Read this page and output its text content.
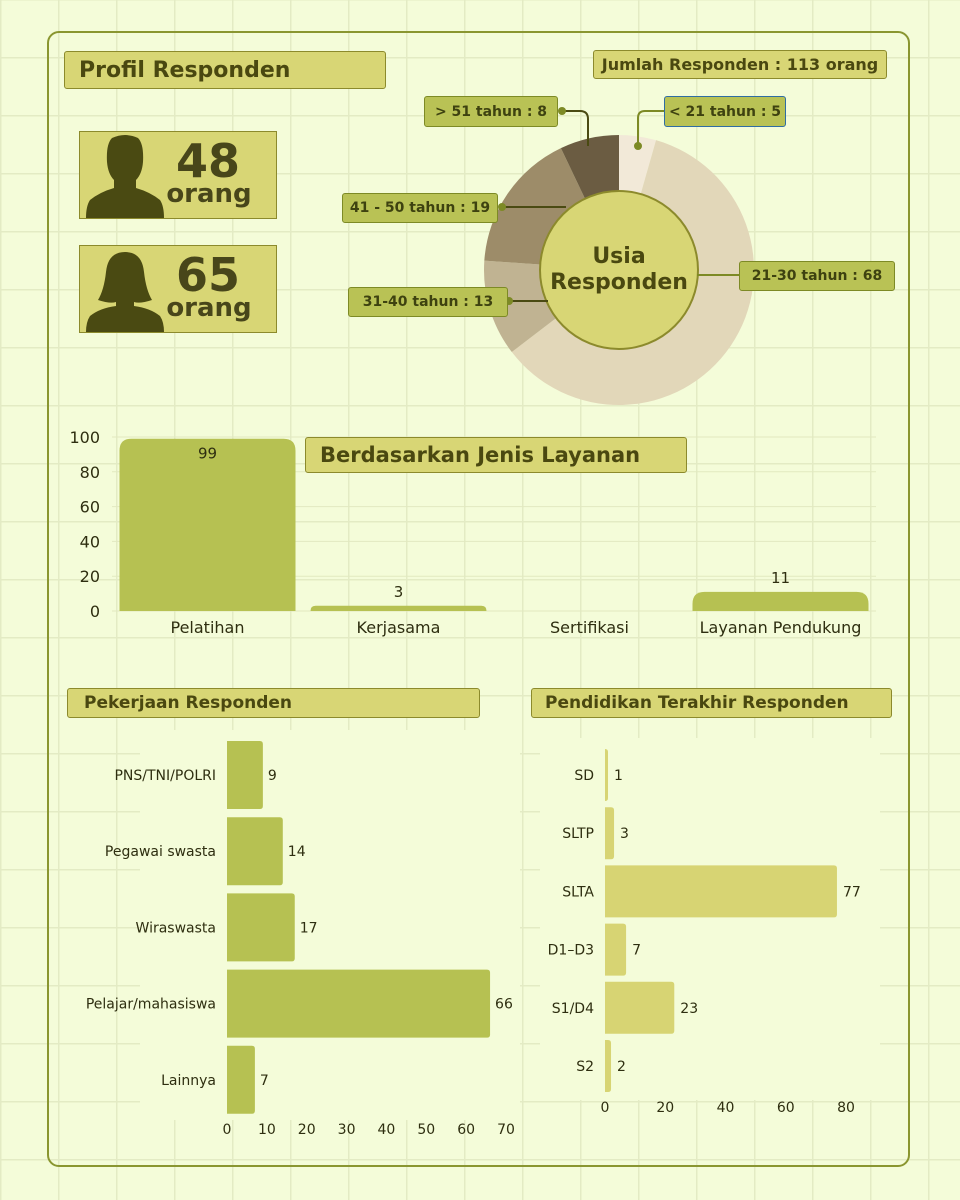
Profil Responden	Jumlah Responden : 113 orang
48
orang
65
orang
Usia
Responden
< 21 tahun : 5
21-30 tahun : 68
31-40 tahun : 13
41 - 50 tahun : 19
> 51 tahun : 8
0
20
40
60
80
100
99
Pelatihan
3
Kerjasama	Sertifikasi
11
Layanan Pendukung
Berdasarkan Jenis Layanan
Pekerjaan Responden	Pendidikan Terakhir Responden
9
PNS/TNI/POLRI
14
Pegawai swasta
17
Wiraswasta
66
Pelajar/mahasiswa
7
Lainnya
0 10 20 30 40 50 60 70
1
SD
3
SLTP
77
SLTA
7
D1–D3
23
S1/D4
2
S2
0	20	40	60	80
